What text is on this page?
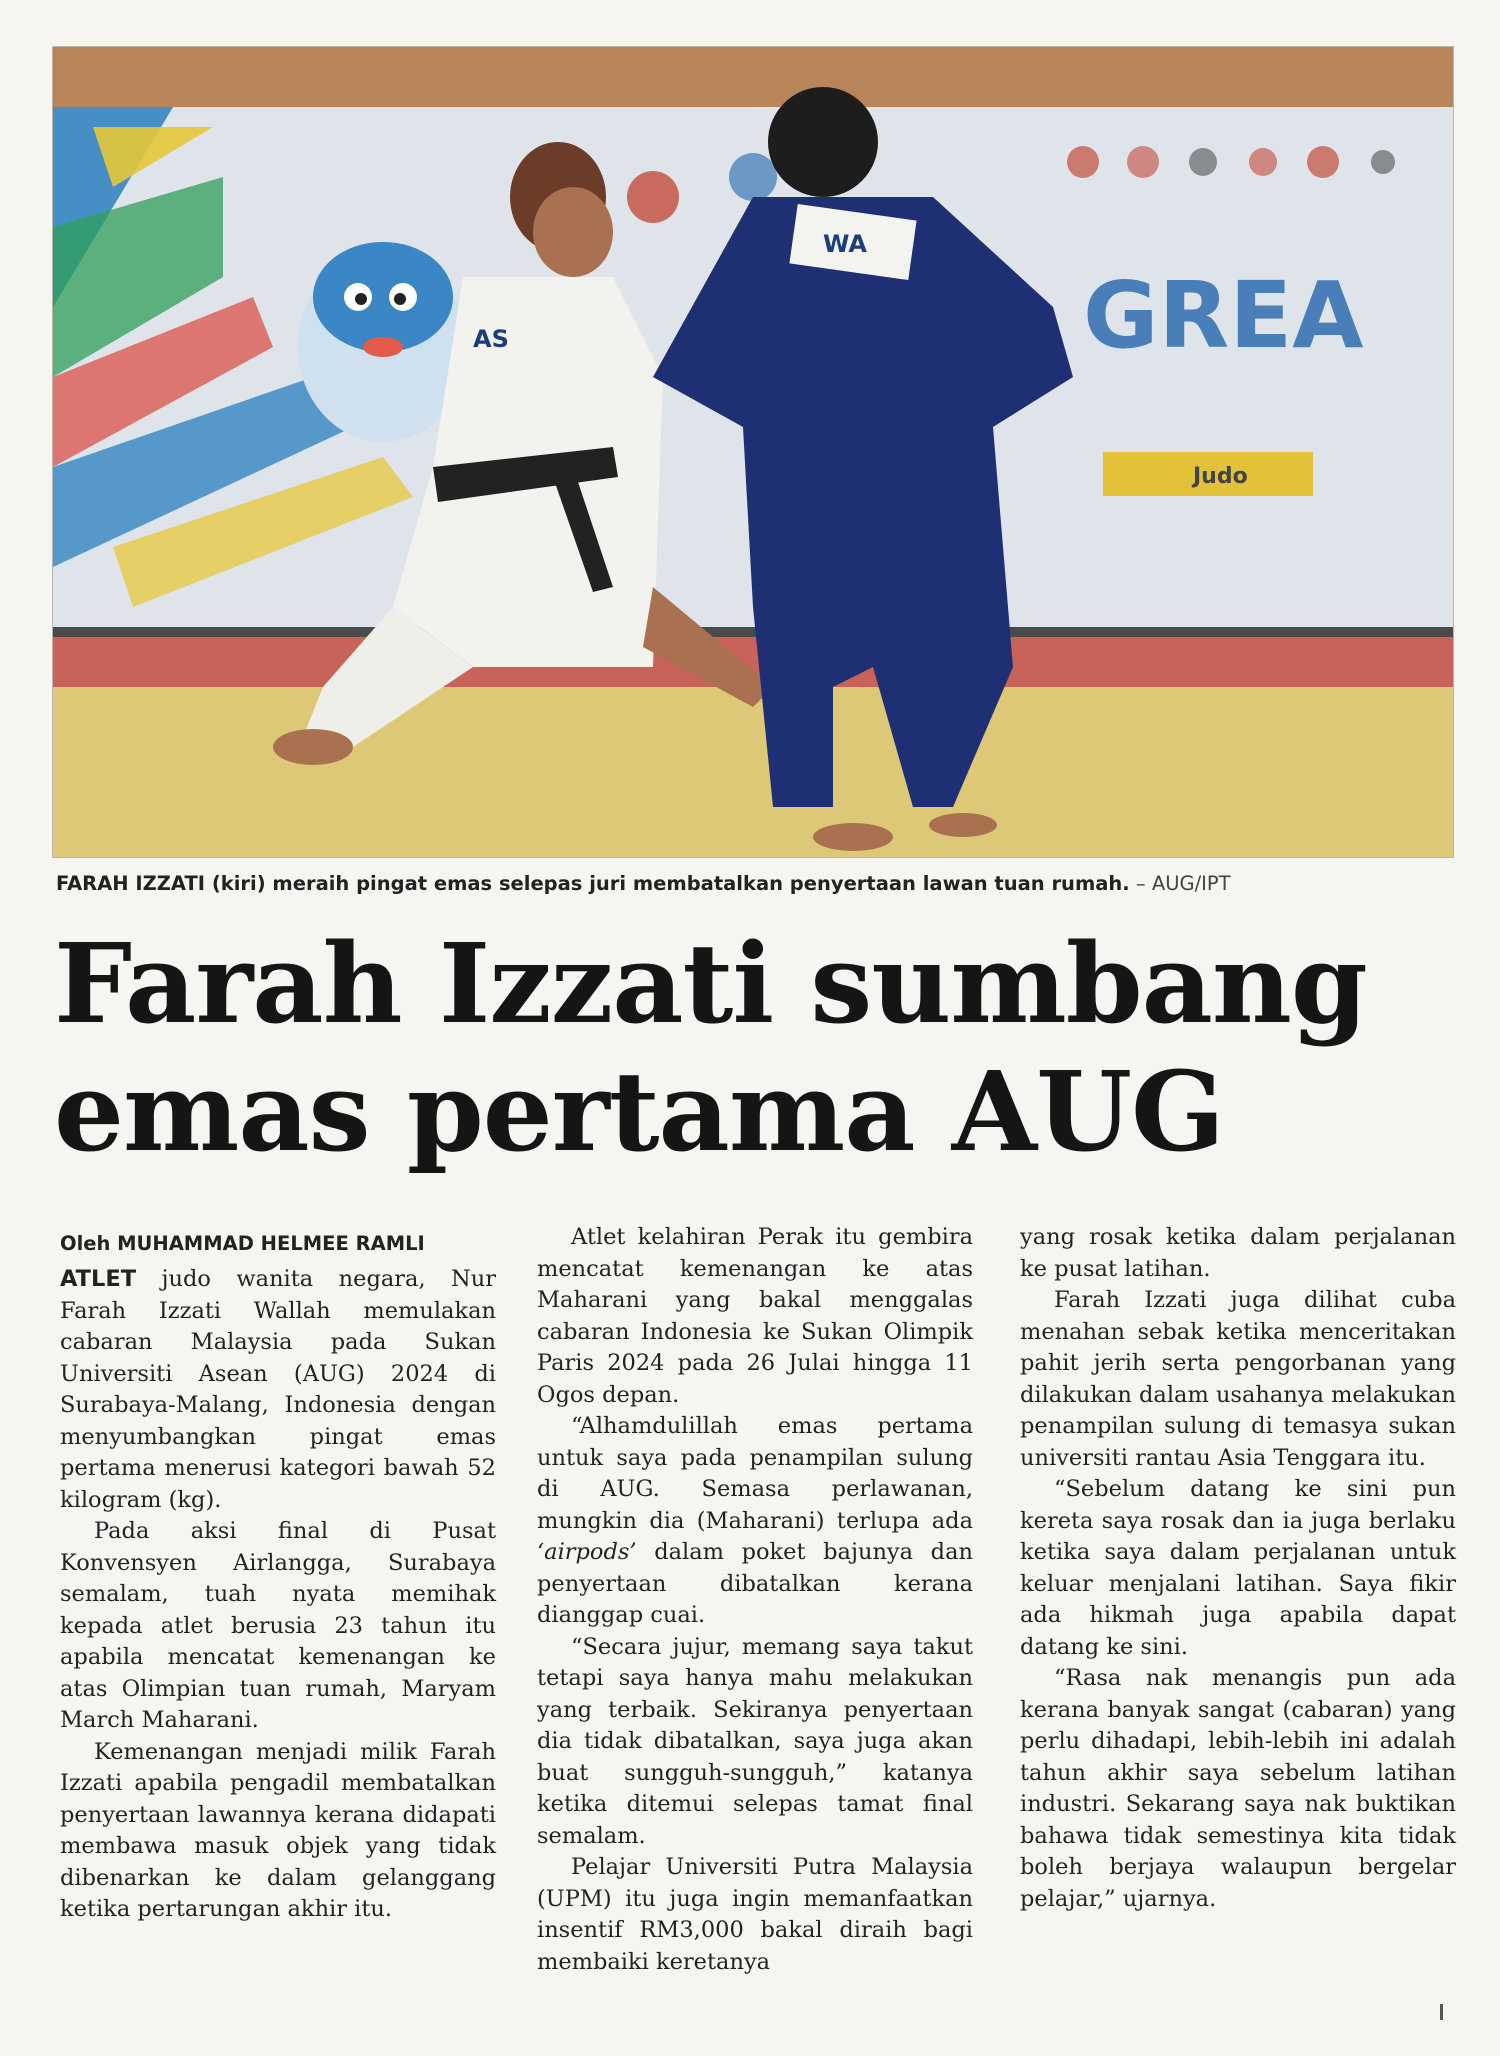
GREA
Judo
AS
WA
FARAH IZZATI (kiri) meraih pingat emas selepas juri membatalkan penyertaan lawan tuan rumah. – AUG/IPT
Farah Izzati sumbang
emas pertama AUG
Oleh MUHAMMAD HELMEE RAMLI

ATLET judo wanita negara, Nur Farah Izzati Wallah memulakan cabaran Malaysia pada Sukan Universiti Asean (AUG) 2024 di Surabaya-Malang, Indonesia dengan menyumbangkan pingat emas pertama menerusi kategori bawah 52 kilogram (kg).

Pada aksi final di Pusat Konvensyen Airlangga, Surabaya semalam, tuah nyata memihak kepada atlet berusia 23 tahun itu apabila mencatat kemenangan ke atas Olimpian tuan rumah, Maryam March Maharani.

Kemenangan menjadi milik Farah Izzati apabila pengadil membatalkan penyertaan lawannya kerana didapati membawa masuk objek yang tidak dibenarkan ke dalam gelanggang ketika pertarungan akhir itu.

Atlet kelahiran Perak itu gembira mencatat kemenangan ke atas Maharani yang bakal menggalas cabaran Indonesia ke Sukan Olimpik Paris 2024 pada 26 Julai hingga 11 Ogos depan.

“Alhamdulillah emas pertama untuk saya pada penampilan sulung di AUG. Semasa perlawanan, mungkin dia (Maharani) terlupa ada ‘airpods’ dalam poket bajunya dan penyertaan dibatalkan kerana dianggap cuai.

“Secara jujur, memang saya takut tetapi saya hanya mahu melakukan yang terbaik. Sekiranya penyertaan dia tidak dibatalkan, saya juga akan buat sungguh-sungguh,” katanya ketika ditemui selepas tamat final semalam.

Pelajar Universiti Putra Malaysia (UPM) itu juga ingin memanfaatkan insentif RM3,000 bakal diraih bagi membaiki keretanya

yang rosak ketika dalam perjalanan ke pusat latihan.

Farah Izzati juga dilihat cuba menahan sebak ketika menceritakan pahit jerih serta pengorbanan yang dilakukan dalam usahanya melakukan penampilan sulung di temasya sukan universiti rantau Asia Tenggara itu.

“Sebelum datang ke sini pun kereta saya rosak dan ia juga berlaku ketika saya dalam perjalanan untuk keluar menjalani latihan. Saya fikir ada hikmah juga apabila dapat datang ke sini.

“Rasa nak menangis pun ada kerana banyak sangat (cabaran) yang perlu dihadapi, lebih-lebih ini adalah tahun akhir saya sebelum latihan industri. Sekarang saya nak buktikan bahawa tidak semestinya kita tidak boleh berjaya walaupun bergelar pelajar,” ujarnya.
